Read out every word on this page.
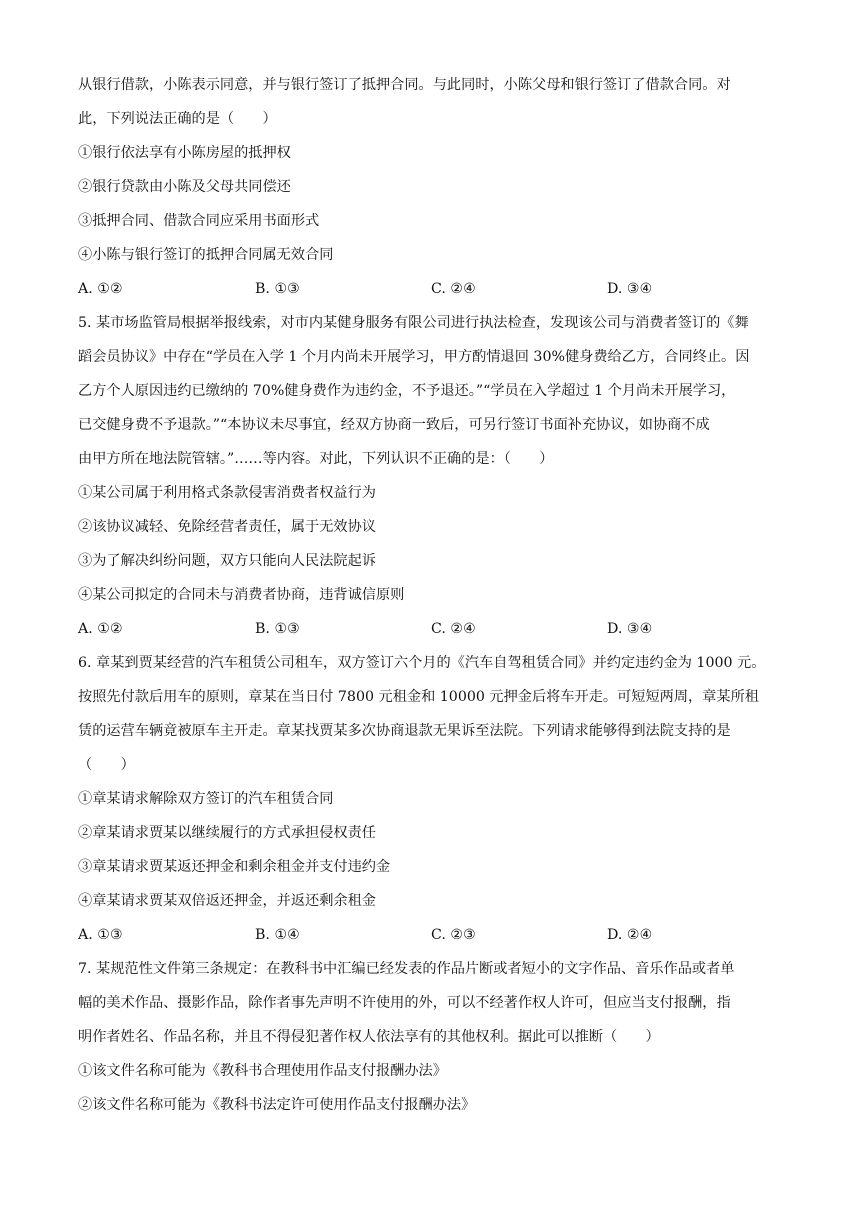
从银行借款，小陈表示同意，并与银行签订了抵押合同。与此同时，小陈父母和银行签订了借款合同。对
此，下列说法正确的是（　　）
①银行依法享有小陈房屋的抵押权
②银行贷款由小陈及父母共同偿还
③抵押合同、借款合同应采用书面形式
④小陈与银行签订的抵押合同属无效合同
A. ①②	B. ①③	C. ②④	D. ③④
5. 某市场监管局根据举报线索，对市内某健身服务有限公司进行执法检查，发现该公司与消费者签订的《舞
蹈会员协议》中存在“学员在入学 1 个月内尚未开展学习，甲方酌情退回 30%健身费给乙方，合同终止。因
乙方个人原因违约已缴纳的 70%健身费作为违约金，不予退还。”“学员在入学超过 1 个月尚未开展学习，
已交健身费不予退款。”“本协议未尽事宜，经双方协商一致后，可另行签订书面补充协议，如协商不成
由甲方所在地法院管辖。”……等内容。对此，下列认识不正确的是：（　　）
①某公司属于利用格式条款侵害消费者权益行为
②该协议减轻、免除经营者责任，属于无效协议
③为了解决纠纷问题，双方只能向人民法院起诉
④某公司拟定的合同未与消费者协商，违背诚信原则
A. ①②	B. ①③	C. ②④	D. ③④
6. 章某到贾某经营的汽车租赁公司租车，双方签订六个月的《汽车自驾租赁合同》并约定违约金为 1000 元。
按照先付款后用车的原则，章某在当日付 7800 元租金和 10000 元押金后将车开走。可短短两周，章某所租
赁的运营车辆竟被原车主开走。章某找贾某多次协商退款无果诉至法院。下列请求能够得到法院支持的是
（　　）
①章某请求解除双方签订的汽车租赁合同
②章某请求贾某以继续履行的方式承担侵权责任
③章某请求贾某返还押金和剩余租金并支付违约金
④章某请求贾某双倍返还押金，并返还剩余租金
A. ①③	B. ①④	C. ②③	D. ②④
7. 某规范性文件第三条规定：在教科书中汇编已经发表的作品片断或者短小的文字作品、音乐作品或者单
幅的美术作品、摄影作品，除作者事先声明不许使用的外，可以不经著作权人许可，但应当支付报酬，指
明作者姓名、作品名称，并且不得侵犯著作权人依法享有的其他权利。据此可以推断（　　）
①该文件名称可能为《教科书合理使用作品支付报酬办法》
②该文件名称可能为《教科书法定许可使用作品支付报酬办法》
